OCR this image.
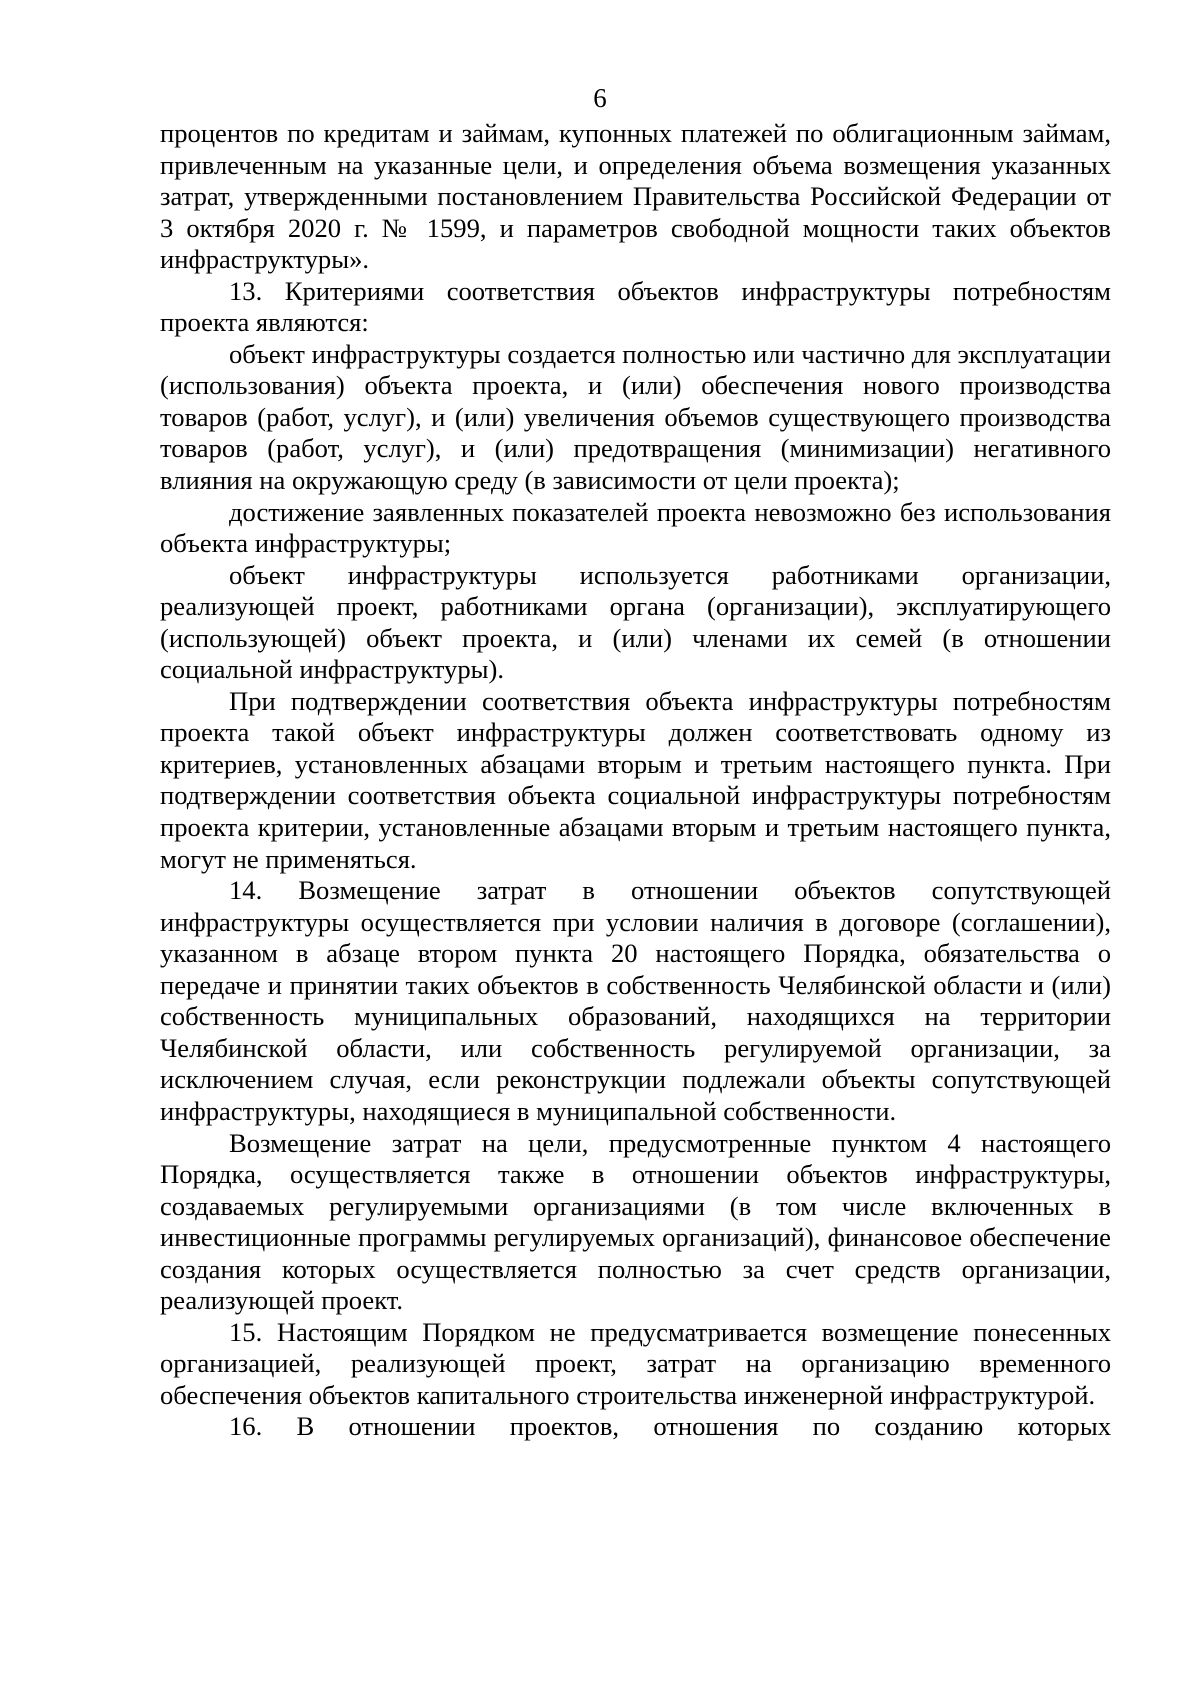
6

процентов по кредитам и займам, купонных платежей по облигационным займам, привлеченным на указанные цели, и определения объема возмещения указанных затрат, утвержденными постановлением Правительства Российской Федерации от 3 октября 2020 г. № 1599, и параметров свободной мощности таких объектов инфраструктуры».

13. Критериями соответствия объектов инфраструктуры потребностям проекта являются:

объект инфраструктуры создается полностью или частично для эксплуатации (использования) объекта проекта, и (или) обеспечения нового производства товаров (работ, услуг), и (или) увеличения объемов существующего производства товаров (работ, услуг), и (или) предотвращения (минимизации) негативного влияния на окружающую среду (в зависимости от цели проекта);

достижение заявленных показателей проекта невозможно без использования объекта инфраструктуры;

объект инфраструктуры используется работниками организации, реализующей проект, работниками органа (организации), эксплуатирующего (использующей) объект проекта, и (или) членами их семей (в отношении социальной инфраструктуры).

При подтверждении соответствия объекта инфраструктуры потребностям проекта такой объект инфраструктуры должен соответствовать одному из критериев, установленных абзацами вторым и третьим настоящего пункта. При подтверждении соответствия объекта социальной инфраструктуры потребностям проекта критерии, установленные абзацами вторым и третьим настоящего пункта, могут не применяться.

14. Возмещение затрат в отношении объектов сопутствующей инфраструктуры осуществляется при условии наличия в договоре (соглашении), указанном в абзаце втором пункта 20 настоящего Порядка, обязательства о передаче и принятии таких объектов в собственность Челябинской области и (или) собственность муниципальных образований, находящихся на территории Челябинской области, или собственность регулируемой организации, за исключением случая, если реконструкции подлежали объекты сопутствующей инфраструктуры, находящиеся в муниципальной собственности.

Возмещение затрат на цели, предусмотренные пунктом 4 настоящего Порядка, осуществляется также в отношении объектов инфраструктуры, создаваемых регулируемыми организациями (в том числе включенных в инвестиционные программы регулируемых организаций), финансовое обеспечение создания которых осуществляется полностью за счет средств организации, реализующей проект.

15. Настоящим Порядком не предусматривается возмещение понесенных организацией, реализующей проект, затрат на организацию временного обеспечения объектов капитального строительства инженерной инфраструктурой.

16. В отношении проектов, отношения по созданию которых
